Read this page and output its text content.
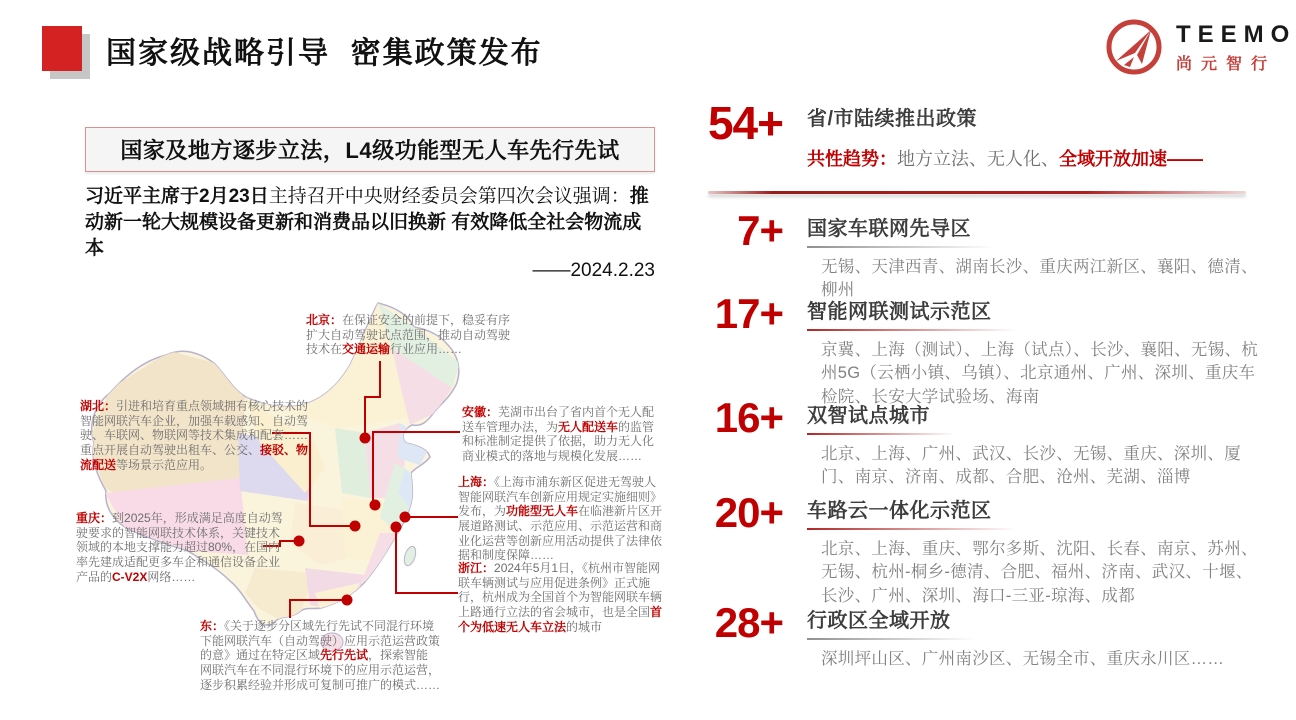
国家级战略引导  密集政策发布
TEEMO
尚元智行
国家及地方逐步立法，L4级功能型无人车先行先试

习近平主席于2月23日主持召开中央财经委员会第四次会议强调：推动新一轮大规模设备更新和消费品以旧换新 有效降低全社会物流成本

——2024.2.23
北京：在保证安全的前提下，稳妥有序扩大自动驾驶试点范围，推动自动驾驶技术在交通运输行业应用……
湖北：引进和培育重点领域拥有核心技术的智能网联汽车企业，加强车载感知、自动驾驶、车联网、物联网等技术集成和配套……重点开展自动驾驶出租车、公交、接驳、物流配送等场景示范应用。
安徽：芜湖市出台了省内首个无人配送车管理办法，为无人配送车的监管和标准制定提供了依据，助力无人化商业模式的落地与规模化发展……
上海：《上海市浦东新区促进无驾驶人智能网联汽车创新应用规定实施细则》发布，为功能型无人车在临港新片区开展道路测试、示范应用、示范运营和商业化运营等创新应用活动提供了法律依据和制度保障……
浙江：2024年5月1日，《杭州市智能网联车辆测试与应用促进条例》正式施行，杭州成为全国首个为智能网联车辆上路通行立法的省会城市，也是全国首个为低速无人车立法的城市
重庆：到2025年，形成满足高度自动驾驶要求的智能网联技术体系，关键技术领域的本地支撑能力超过80%，在国内率先建成适配更多车企和通信设备企业产品的C-V2X网络……
东：《关于逐步分区域先行先试不同混行环境下能网联汽车（自动驾驶）应用示范运营政策的意》通过在特定区域先行先试，探索智能网联汽车在不同混行环境下的应用示范运营，逐步积累经验并形成可复制可推广的模式……
54+ 省/市陆续推出政策
共性趋势：地方立法、无人化、全域开放加速——
7+ 国家车联网先导区
无锡、天津西青、湖南长沙、重庆两江新区、襄阳、德清、柳州
17+ 智能网联测试示范区
京冀、上海（测试）、上海（试点）、长沙、襄阳、无锡、杭州5G（云栖小镇、乌镇）、北京通州、广州、深圳、重庆车检院、长安大学试验场、海南
16+ 双智试点城市
北京、上海、广州、武汉、长沙、无锡、重庆、深圳、厦门、南京、济南、成都、合肥、沧州、芜湖、淄博
20+ 车路云一体化示范区
北京、上海、重庆、鄂尔多斯、沈阳、长春、南京、苏州、无锡、杭州-桐乡-德清、合肥、福州、济南、武汉、十堰、长沙、广州、深圳、海口-三亚-琼海、成都
28+ 行政区全域开放
深圳坪山区、广州南沙区、无锡全市、重庆永川区……
